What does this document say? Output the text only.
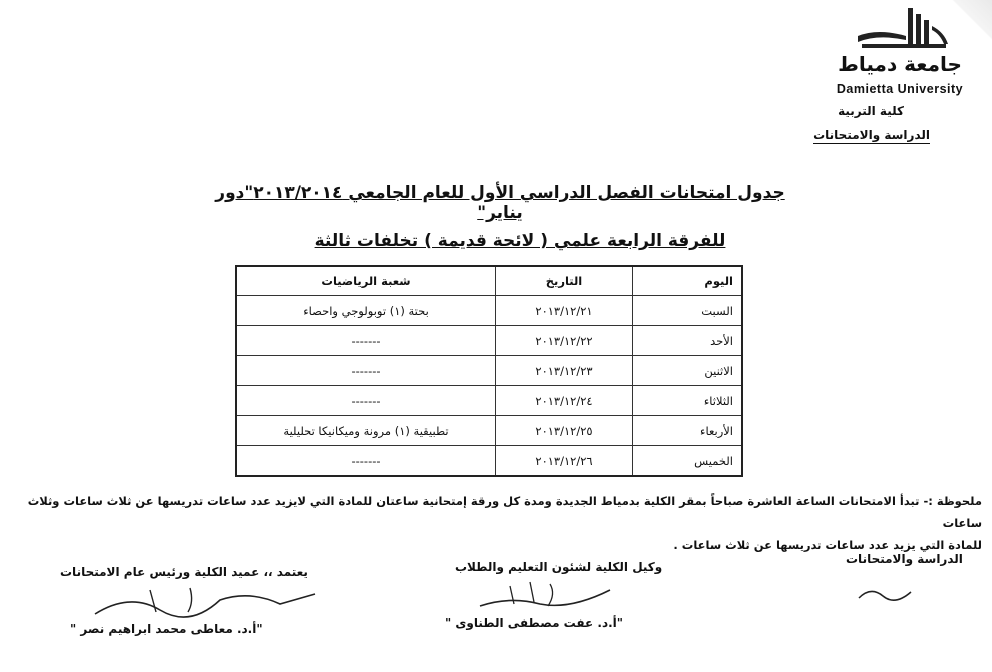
جامعة دمياط
Damietta University
كلية التربية
الدراسة والامتحانات
جدول امتحانات الفصل الدراسي الأول للعام الجامعي ٢٠١٣/٢٠١٤"دور يناير"
للفرقة الرابعة علمي ( لائحة قديمة ) تخلفات ثالثة
اليوم	التاريخ	شعبة الرياضيات
السبت	٢٠١٣/١٢/٢١	بحتة (١) توبولوجي واحصاء
الأحد	٢٠١٣/١٢/٢٢	-------
الاثنين	٢٠١٣/١٢/٢٣	-------
الثلاثاء	٢٠١٣/١٢/٢٤	-------
الأربعاء	٢٠١٣/١٢/٢٥	تطبيقية (١) مرونة وميكانيكا تحليلية
الخميس	٢٠١٣/١٢/٢٦	-------
ملحوظة :- تبدأ الامتحانات الساعة العاشرة صباحاً بمقر الكلية بدمياط الجديدة ومدة كل ورقة إمتحانية ساعتان للمادة التي لايزيد عدد ساعات تدريسها عن ثلاث ساعات وثلاث ساعات
للمادة التي يزيد عدد ساعات تدريسها عن ثلاث ساعات .
يعتمد ،، عميد الكلية ورئيس عام الامتحانات	وكيل الكلية لشئون التعليم والطلاب
الدراسة والامتحانات
"أ.د. معاطى محمد ابراهيم نصر "	"أ.د. عفت مصطفى الطناوى "
